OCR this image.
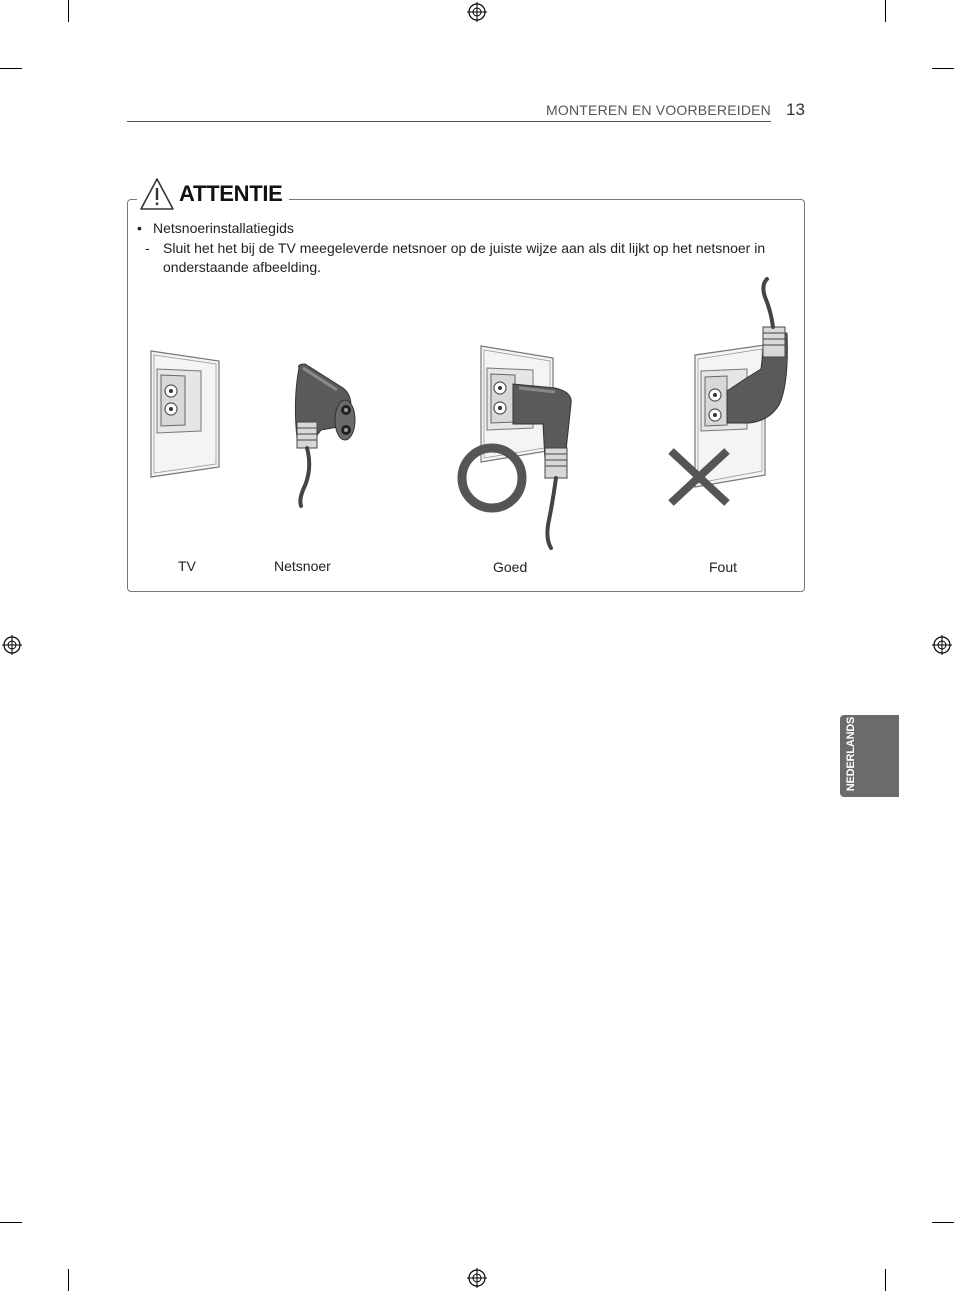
MONTEREN EN VOORBEREIDEN 13
ATTENTIE
• Netsnoerinstallatiegids
- Sluit het het bij de TV meegeleverde netsnoer op de juiste wijze aan als dit lijkt op het netsnoer in onderstaande afbeelding.
TV	Netsnoer	Goed	Fout
NEDERLANDS
